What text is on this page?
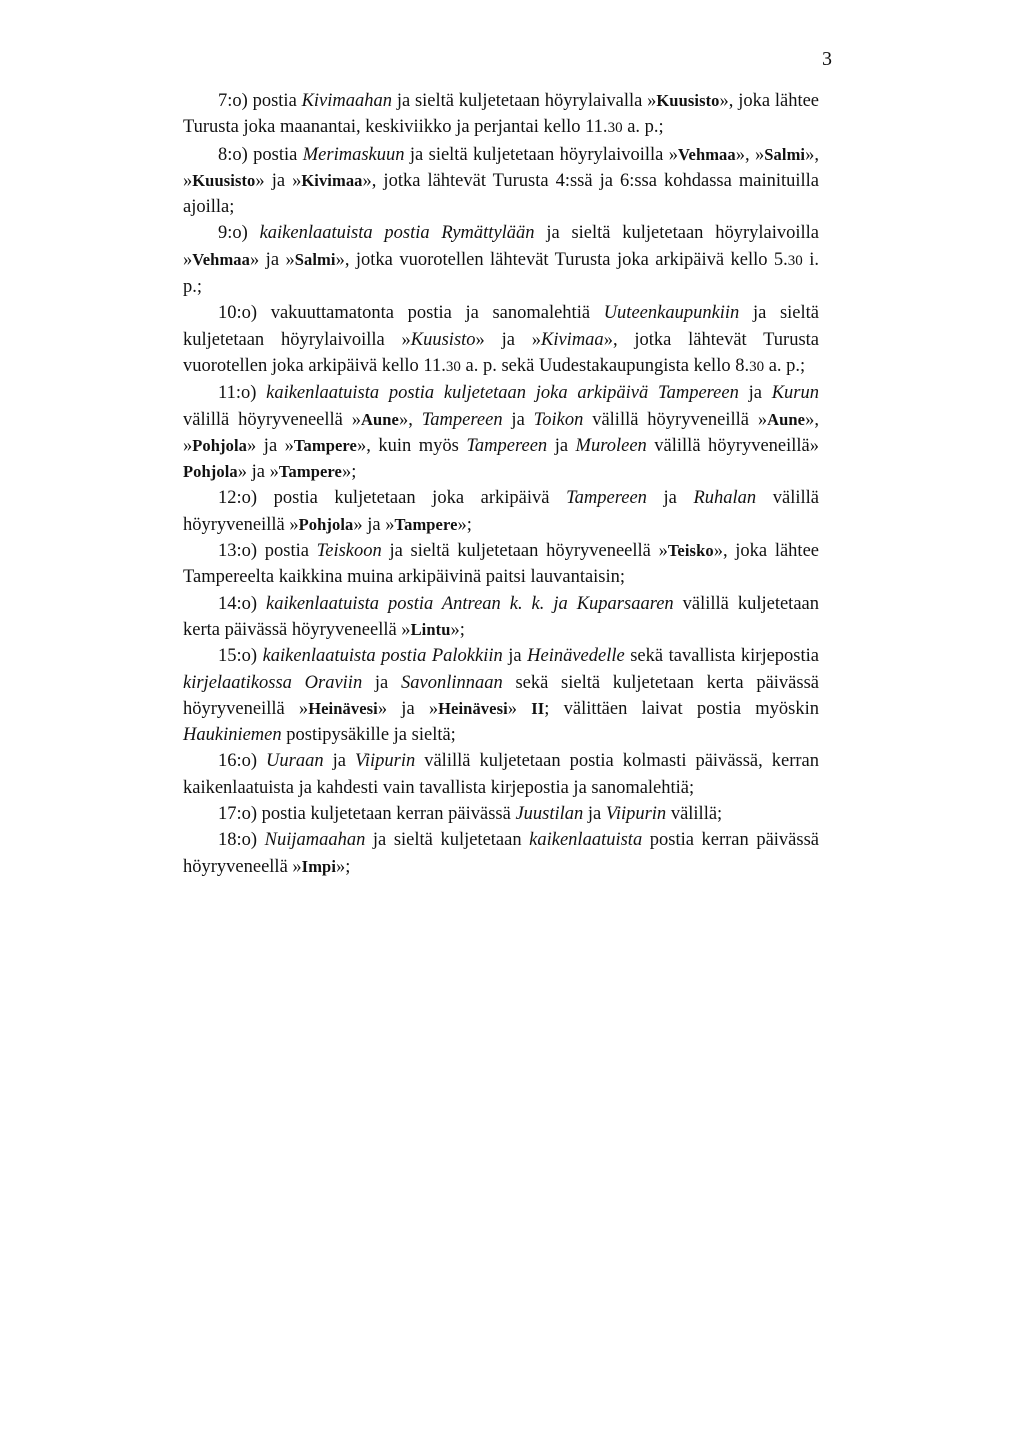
3

7:o) postia Kivimaahan ja sieltä kuljetetaan höyrylaivalla »Kuusisto», joka lähtee Turusta joka maanantai, keskiviikko ja perjantai kello 11.30 a. p.;

8:o) postia Merimaskuun ja sieltä kuljetetaan höyrylaivoilla »Vehmaa», »Salmi», »Kuusisto» ja »Kivimaa», jotka lähtevät Turusta 4:ssä ja 6:ssa kohdassa mainituilla ajoilla;

9:o) kaikenlaatuista postia Rymättylään ja sieltä kuljetetaan höyrylaivoilla »Vehmaa» ja »Salmi», jotka vuorotellen lähtevät Turusta joka arkipäivä kello 5.30 i. p.;

10:o) vakuuttamatonta postia ja sanomalehtiä Uuteenkaupunkiin ja sieltä kuljetetaan höyrylaivoilla »Kuusisto» ja »Kivimaa», jotka lähtevät Turusta vuorotellen joka arkipäivä kello 11.30 a. p. sekä Uudestakaupungista kello 8.30 a. p.;

11:o) kaikenlaatuista postia kuljetetaan joka arkipäivä Tampereen ja Kurun välillä höyryveneellä »Aune», Tampereen ja Toikon välillä höyryveneillä »Aune», »Pohjola» ja »Tampere», kuin myös Tampereen ja Muroleen välillä höyryveneillä» Pohjola» ja »Tampere»;

12:o) postia kuljetetaan joka arkipäivä Tampereen ja Ruhalan välillä höyryveneillä »Pohjola» ja »Tampere»;

13:o) postia Teiskoon ja sieltä kuljetetaan höyryveneellä »Teisko», joka lähtee Tampereelta kaikkina muina arkipäivinä paitsi lauvantaisin;

14:o) kaikenlaatuista postia Antrean k. k. ja Kuparsaaren välillä kuljetetaan kerta päivässä höyryveneellä »Lintu»;

15:o) kaikenlaatuista postia Palokkiin ja Heinävedelle sekä tavallista kirjepostia kirjelaatikossa Oraviin ja Savonlinnaan sekä sieltä kuljetetaan kerta päivässä höyryveneillä »Heinävesi» ja »Heinävesi» II; välittäen laivat postia myöskin Haukiniemen postipysäkille ja sieltä;

16:o) Uuraan ja Viipurin välillä kuljetetaan postia kolmasti päivässä, kerran kaikenlaatuista ja kahdesti vain tavallista kirjepostia ja sanomalehtiä;

17:o) postia kuljetetaan kerran päivässä Juustilan ja Viipurin välillä;

18:o) Nuijamaahan ja sieltä kuljetetaan kaikenlaatuista postia kerran päivässä höyryveneellä »Impi»;
